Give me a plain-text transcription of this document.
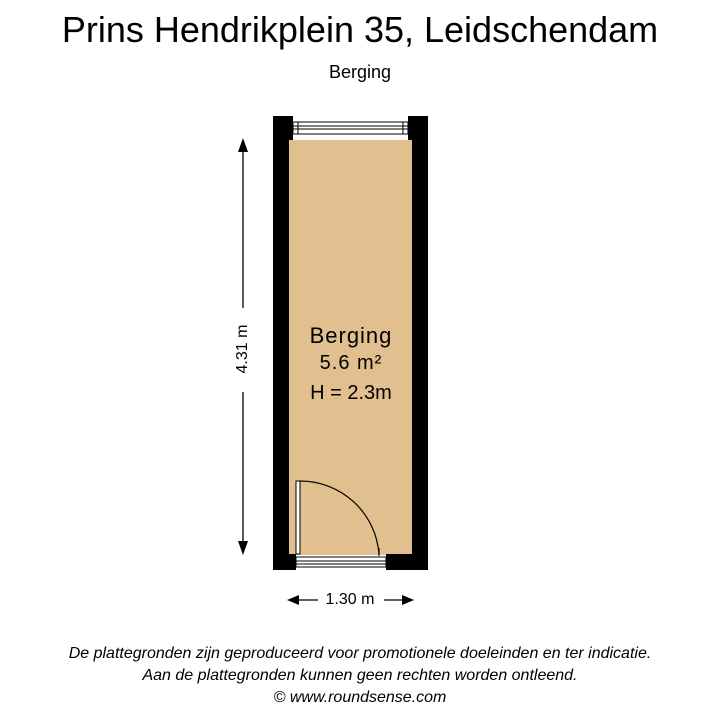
Prins Hendrikplein 35, Leidschendam
Berging
Berging
5.6 m²
H = 2.3m
4.31 m
1.30 m
De plattegronden zijn geproduceerd voor promotionele doeleinden en ter indicatie.
Aan de plattegronden kunnen geen rechten worden ontleend.
© www.roundsense.com
